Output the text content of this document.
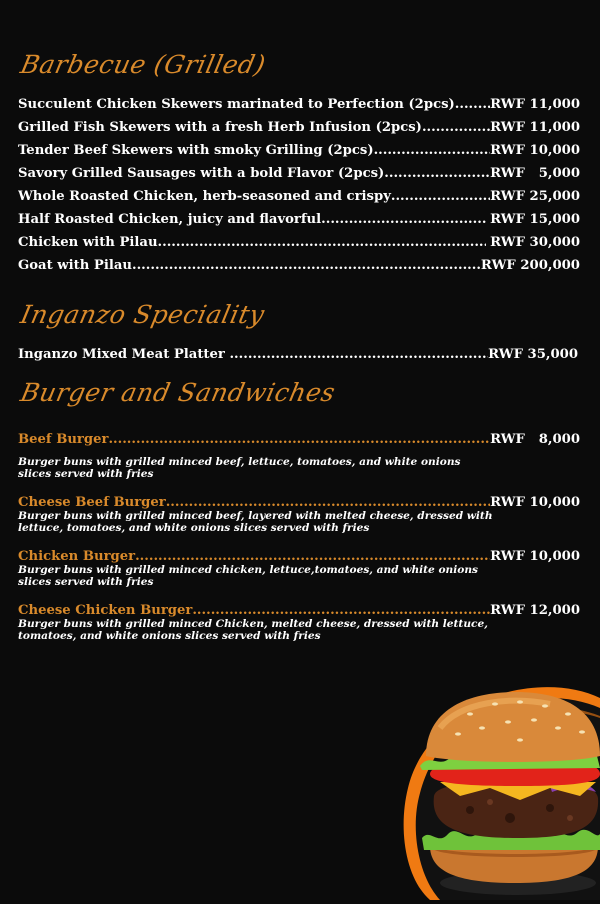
Barbecue (Grilled)
Succulent Chicken Skewers marinated to Perfection (2pcs) .....	RWF 11,000
Grilled Fish Skewers with a fresh Herb Infusion (2pcs) .....	RWF 11,000
Tender Beef Skewers with smoky Grilling (2pcs) .....	RWF 10,000
Savory Grilled Sausages with a bold Flavor (2pcs) .....	RWF   5,000
Whole Roasted Chicken, herb-seasoned and crispy .....	RWF 25,000
Half Roasted Chicken, juicy and flavorful .....	RWF 15,000
Chicken with Pilau .....	RWF 30,000
Goat with Pilau .....	RWF 200,000
Inganzo Speciality
Inganzo Mixed Meat Platter .....	RWF 35,000
Burger and Sandwiches
Beef Burger .....	RWF   8,000
Burger buns with grilled minced beef, lettuce, tomatoes, and white onions slices served with fries
Cheese Beef Burger .....	RWF 10,000
Burger buns with grilled minced beef, layered with melted cheese, dressed with lettuce, tomatoes, and white onions slices served with fries
Chicken Burger .....	RWF 10,000
Burger buns with grilled minced chicken, lettuce,tomatoes, and white onions slices served with fries
Cheese Chicken Burger .....	RWF 12,000
Burger buns with grilled minced Chicken, melted cheese, dressed with lettuce, tomatoes, and white onions slices served with fries
